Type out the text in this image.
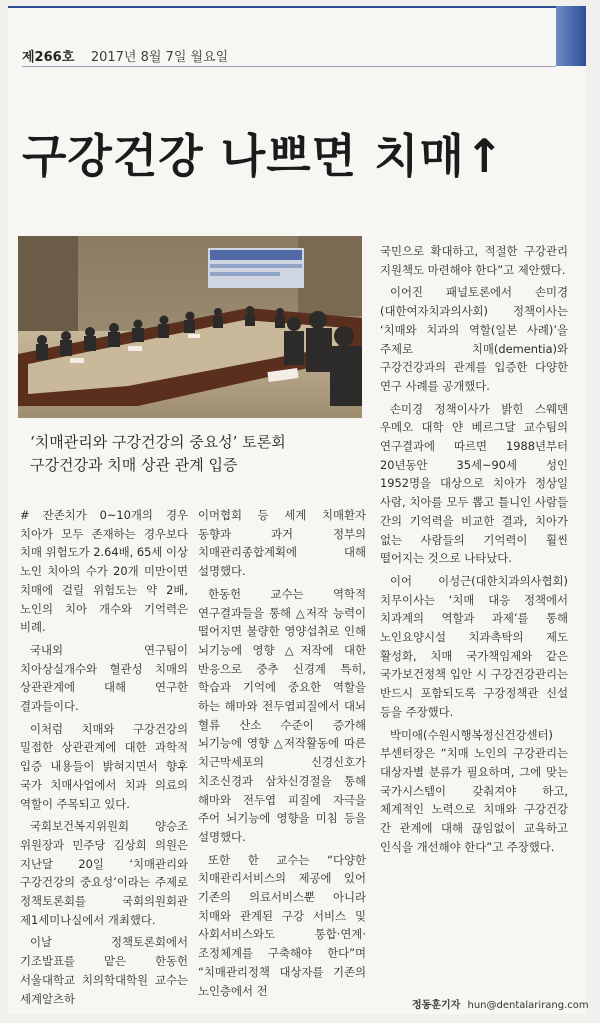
제266호 2017년 8월 7일 월요일
구강건강 나쁘면 치매↑
‘치매관리와 구강건강의 중요성’ 토론회
구강건강과 치매 상관 관계 입증

# 잔존치가 0~10개의 경우 치아가 모두 존재하는 경우보다 치매 위험도가 2.64배, 65세 이상 노인 치아의 수가 20개 미만이면 치매에 걸릴 위험도는 약 2배, 노인의 치아 개수와 기억력은 비례.

국내외 연구팀이 치아상실개수와 혈관성 치매의 상관관계에 대해 연구한 결과들이다.

이처럼 치매와 구강건강의 밀접한 상관관계에 대한 과학적 입증 내용들이 밝혀지면서 향후 국가 치매사업에서 치과 의료의 역할이 주목되고 있다.

국회보건복지위원회 양승조 위원장과 민주당 김상희 의원은 지난달 20일 ‘치매관리와 구강건강의 중요성’이라는 주제로 정책토론회를 국회의원회관 제1세미나실에서 개최했다.

이날 정책토론회에서 기조발표를 맡은 한동헌 서울대학교 치의학대학원 교수는 세계알츠하

이머협회 등 세계 치매환자 동향과 과거 정부의 치매관리종합계획에 대해 설명했다.

한동헌 교수는 역학적 연구결과들을 통해 △저작 능력이 떨어지면 불량한 영양섭취로 인해 뇌기능에 영향 △저작에 대한 반응으로 중추 신경계 특히, 학습과 기억에 중요한 역할을 하는 해마와 전두엽피질에서 대뇌 혈류 산소 수준이 증가해 뇌기능에 영향 △저작활동에 따른 치근막세포의 신경신호가 치조신경과 삼차신경절을 통해 해마와 전두엽 피질에 자극을 주어 뇌기능에 영향을 미침 등을 설명했다.

또한 한 교수는 “다양한 치매관리서비스의 제공에 있어 기존의 의료서비스뿐 아니라 치매와 관계된 구강 서비스 및 사회서비스와도 통합·연계·조정체계를 구축해야 한다”며 “치매관리정책 대상자를 기존의 노인층에서 전

국민으로 확대하고, 적절한 구강관리 지원책도 마련해야 한다”고 제안했다.

이어진 패널토론에서 손미경(대한여자치과의사회) 정책이사는 ‘치매와 치과의 역할(일본 사례)’을 주제로 치매(dementia)와 구강건강과의 관계를 입증한 다양한 연구 사례를 공개했다.

손미경 정책이사가 밝힌 스웨덴 우메오 대학 얀 베르그달 교수팀의 연구결과에 따르면 1988년부터 20년동안 35세~90세 성인 1952명을 대상으로 치아가 정상일 사람, 치아를 모두 뽑고 틀니인 사람들 간의 기억력을 비교한 결과, 치아가 없는 사람들의 기억력이 훨씬 떨어지는 것으로 나타났다.

이어 이성근(대한치과의사협회) 치무이사는 ‘치매 대응 정책에서 치과계의 역할과 과제’를 통해 노인요양시설 치과촉탁의 제도 활성화, 치매 국가책임제와 같은 국가보건정책 입안 시 구강건강관리는 반드시 포함되도록 구강정책관 신설 등을 주장했다.

박미애(수원시행복정신건강센터) 부센터장은 “치매 노인의 구강관리는 대상자별 분류가 필요하며, 그에 맞는 국가시스템이 갖춰져야 하고, 체계적인 노력으로 치매와 구강건강 간 관계에 대해 끊임없이 교육하고 인식을 개선해야 한다”고 주장했다.

정동훈기자 hun@dentalarirang.com
